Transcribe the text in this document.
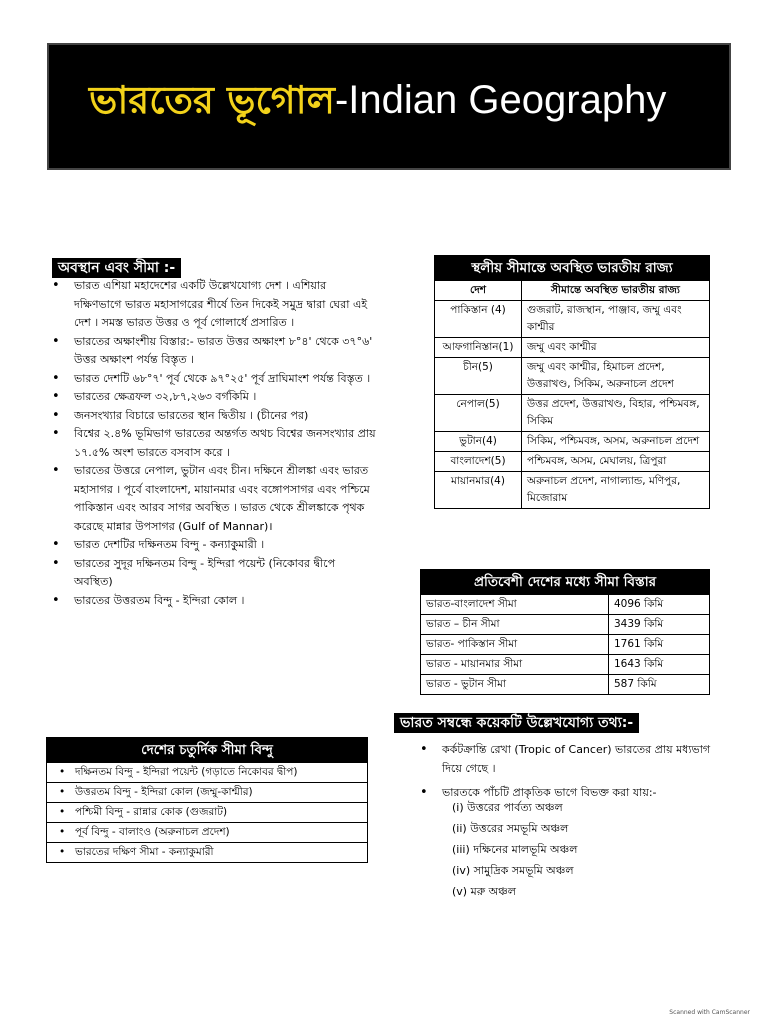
ভারতের ভূগোল-Indian Geography
অবস্থান এবং সীমা :-
• ভারত এশিয়া মহাদেশের একটি উল্লেখযোগ্য দেশ । এশিয়ার দক্ষিণভাগে ভারত মহাসাগরের শীর্ষে তিন দিকেই সমুদ্র দ্বারা ঘেরা এই দেশ । সমস্ত ভারত উত্তর ও পূর্ব গোলার্ধে প্রসারিত ।
• ভারতের অক্ষাংশীয় বিস্তার:- ভারত উত্তর অক্ষাংশ ৮°৪' থেকে ৩৭°৬' উত্তর অক্ষাংশ পর্যন্ত বিস্তৃত ।
• ভারত দেশটি ৬৮°৭' পূর্ব থেকে ৯৭°২৫' পূর্ব দ্রাঘিমাংশ পর্যন্ত বিস্তৃত ।
• ভারতের ক্ষেত্রফল ৩২,৮৭,২৬৩ বর্গকিমি ।
• জনসংখ্যার বিচারে ভারতের স্থান দ্বিতীয় । (চীনের পর)
• বিশ্বের ২.৪% ভূমিভাগ ভারতের অন্তর্গত অথচ বিশ্বের জনসংখ্যার প্রায় ১৭.৫% অংশ ভারতে বসবাস করে ।
• ভারতের উত্তরে নেপাল, ভুটান এবং চীন। দক্ষিনে শ্রীলঙ্কা এবং ভারত মহাসাগর । পূর্বে বাংলাদেশ, মায়ানমার এবং বঙ্গোপসাগর এবং পশ্চিমে পাকিস্তান এবং আরব সাগর অবস্থিত । ভারত থেকে শ্রীলঙ্কাকে পৃথক করেছে মান্নার উপসাগর (Gulf of Mannar)।
• ভারত দেশটির দক্ষিনতম বিন্দু - কন্যাকুমারী ।
• ভারতের সুদূর দক্ষিনতম বিন্দু - ইন্দিরা পয়েন্ট (নিকোবর দ্বীপে অবস্থিত)
• ভারতের উত্তরতম বিন্দু - ইন্দিরা কোল ।
স্থলীয় সীমান্তে অবস্থিত ভারতীয় রাজ্য	
দেশ	সীমান্তে অবস্থিত ভারতীয় রাজ্য
পাকিস্তান (4)	গুজরাট, রাজস্থান, পাঞ্জাব, জম্মু এবং কাশ্মীর
আফগানিস্তান(1)	জম্মু এবং কাশ্মীর
চীন(5)	জম্মু এবং কাশ্মীর, হিমাচল প্রদেশ, উত্তরাখণ্ড, সিকিম, অরুনাচল প্রদেশ
নেপাল(5)	উত্তর প্রদেশ, উত্তরাখণ্ড, বিহার, পশ্চিমবঙ্গ, সিকিম
ভুটান(4)	সিকিম, পশ্চিমবঙ্গ, অসম, অরুনাচল প্রদেশ
বাংলাদেশ(5)	পশ্চিমবঙ্গ, অসম, মেঘালয়, ত্রিপুরা
মায়ানমার(4)	অরুনাচল প্রদেশ, নাগাল্যান্ড, মণিপুর, মিজোরাম
প্রতিবেশী দেশের মধ্যে সীমা বিস্তার	
ভারত-বাংলাদেশ সীমা	4096 কিমি
ভারত – চীন সীমা	3439 কিমি
ভারত- পাকিস্তান সীমা	1761 কিমি
ভারত - মায়ানমার সীমা	1643 কিমি
ভারত - ভুটান সীমা	587 কিমি
ভারত সম্বন্ধে কয়েকটি উল্লেখযোগ্য তথ্য:-
• কর্কটক্রান্তি রেখা (Tropic of Cancer) ভারতের প্রায় মধ্যভাগ দিয়ে গেছে ।
• ভারতকে পাঁচটি প্রাকৃতিক ভাগে বিভক্ত করা যায়:-
(i) উত্তরের পার্বত্য অঞ্চল
(ii) উত্তরের সমভূমি অঞ্চল
(iii) দক্ষিনের মালভূমি অঞ্চল
(iv) সামুদ্রিক সমভূমি অঞ্চল
(v) মরু অঞ্চল
দেশের চতুর্দিক সীমা বিন্দু

• দক্ষিনতম বিন্দু - ইন্দিরা পয়েন্ট (গড়াতে নিকোবর দ্বীপ)

• উত্তরতম বিন্দু - ইন্দিরা কোল (জম্মু-কাশ্মীর)

• পশ্চিমী বিন্দু - রান্নার কোক (গুজরাট)

• পূর্ব বিন্দু - বালাংও (অরুনাচল প্রদেশ)

• ভারতের দক্ষিণ সীমা - কন্যাকুমারী
Scanned with CamScanner
